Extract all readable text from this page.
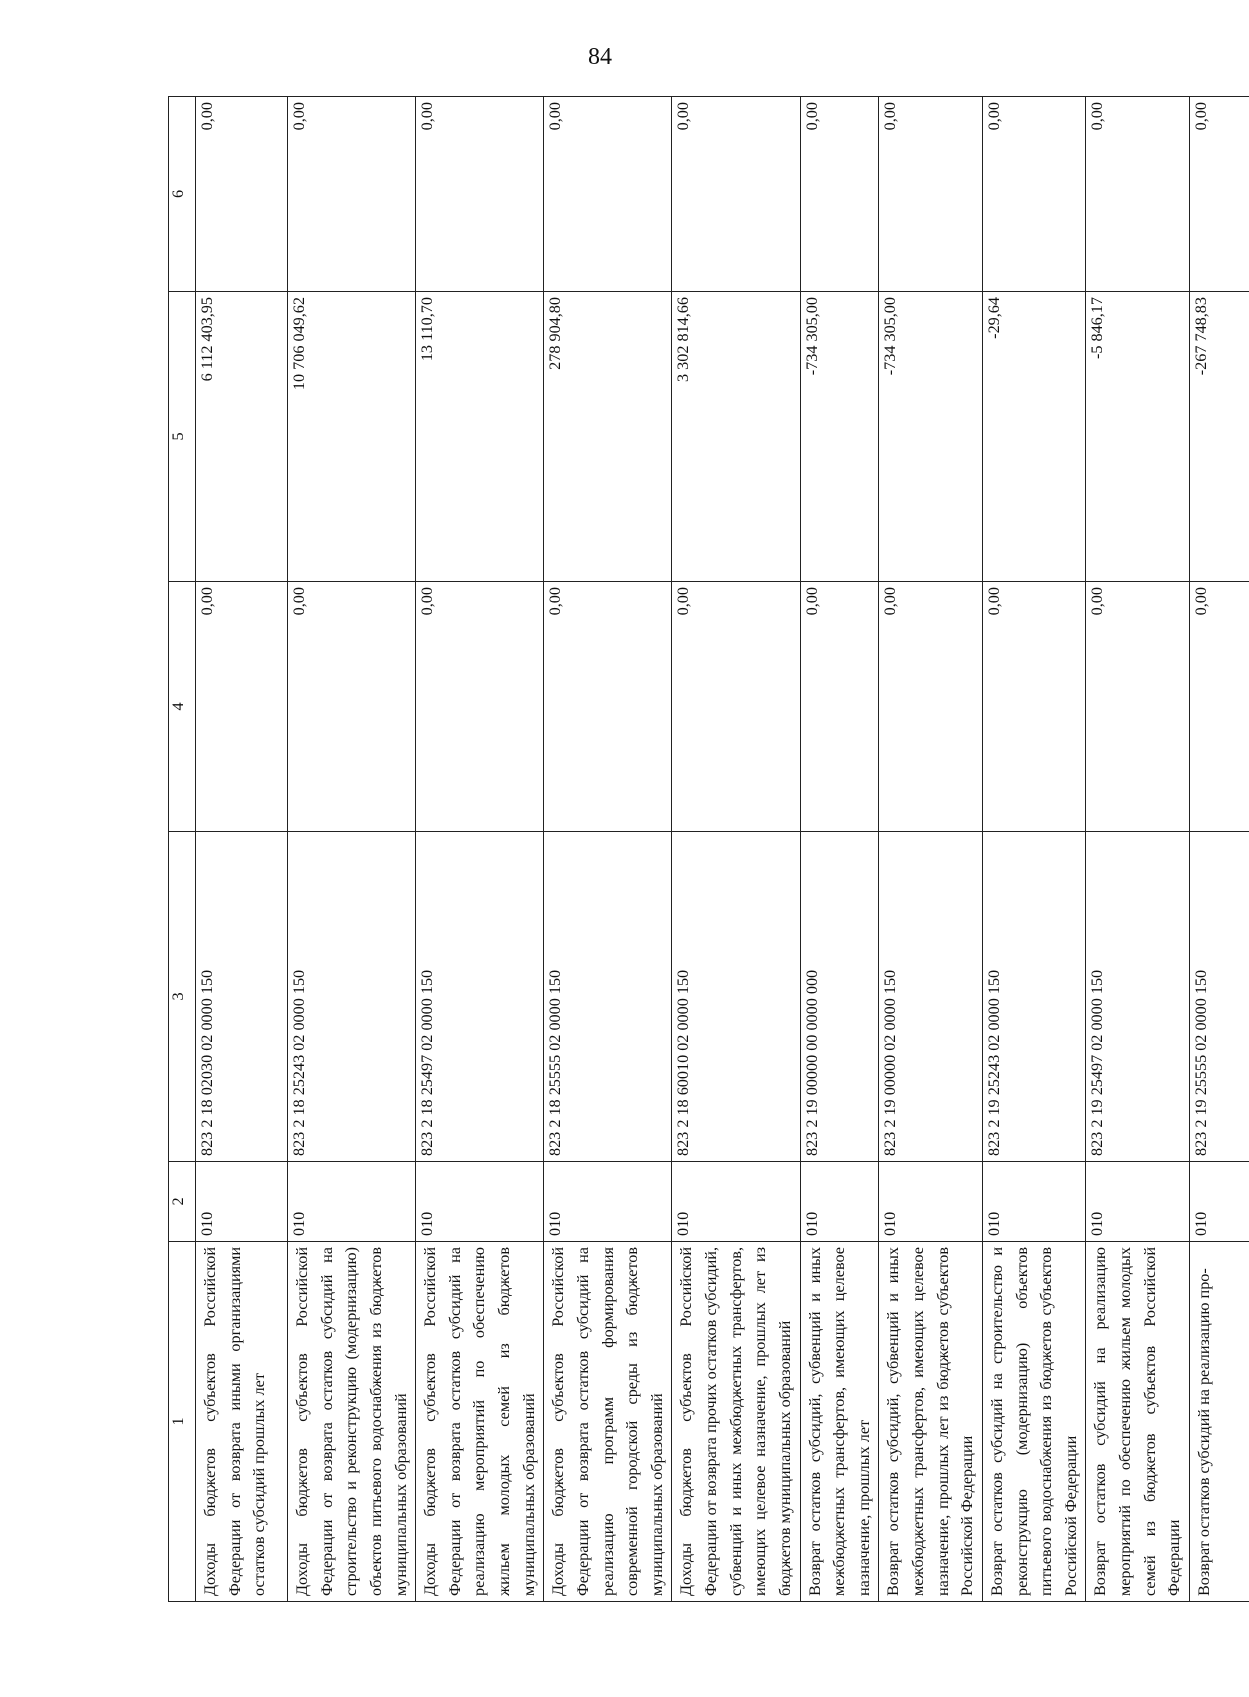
84
1	2	3	4	5	6
Доходы бюджетов субъектов Российской Федерации от возврата иными организациями остатков субсидий прошлых лет	010	823 2 18 02030 02 0000 150	0,00	6 112 403,95	0,00
Доходы бюджетов субъектов Российской Федерации от возврата остатков субсидий на строительство и реконструкцию (модернизацию) объектов питьевого водоснабжения из бюджетов муниципальных образований	010	823 2 18 25243 02 0000 150	0,00	10 706 049,62	0,00
Доходы бюджетов субъектов Российской Федерации от возврата остатков субсидий на реализацию мероприятий по обеспечению жильем молодых семей из бюджетов муниципальных образований	010	823 2 18 25497 02 0000 150	0,00	13 110,70	0,00
Доходы бюджетов субъектов Российской Федерации от возврата остатков субсидий на реализацию программ формирования современной городской среды из бюджетов муниципальных образований	010	823 2 18 25555 02 0000 150	0,00	278 904,80	0,00
Доходы бюджетов субъектов Российской Федерации от возврата прочих остатков субсидий, субвенций и иных межбюджетных трансфертов, имеющих целевое назначение, прошлых лет из бюджетов муниципальных образований	010	823 2 18 60010 02 0000 150	0,00	3 302 814,66	0,00
Возврат остатков субсидий, субвенций и иных межбюджетных трансфертов, имеющих целевое назначение, прошлых лет	010	823 2 19 00000 00 0000 000	0,00	-734 305,00	0,00
Возврат остатков субсидий, субвенций и иных межбюджетных трансфертов, имеющих целевое назначение, прошлых лет из бюджетов субъектов Российской Федерации	010	823 2 19 00000 02 0000 150	0,00	-734 305,00	0,00
Возврат остатков субсидий на строительство и реконструкцию (модернизацию) объектов питьевого водоснабжения из бюджетов субъектов Российской Федерации	010	823 2 19 25243 02 0000 150	0,00	-29,64	0,00
Возврат остатков субсидий на реализацию мероприятий по обеспечению жильем молодых семей из бюджетов субъектов Российской Федерации	010	823 2 19 25497 02 0000 150	0,00	-5 846,17	0,00
Возврат остатков субсидий на реализацию про-	010	823 2 19 25555 02 0000 150	0,00	-267 748,83	0,00
